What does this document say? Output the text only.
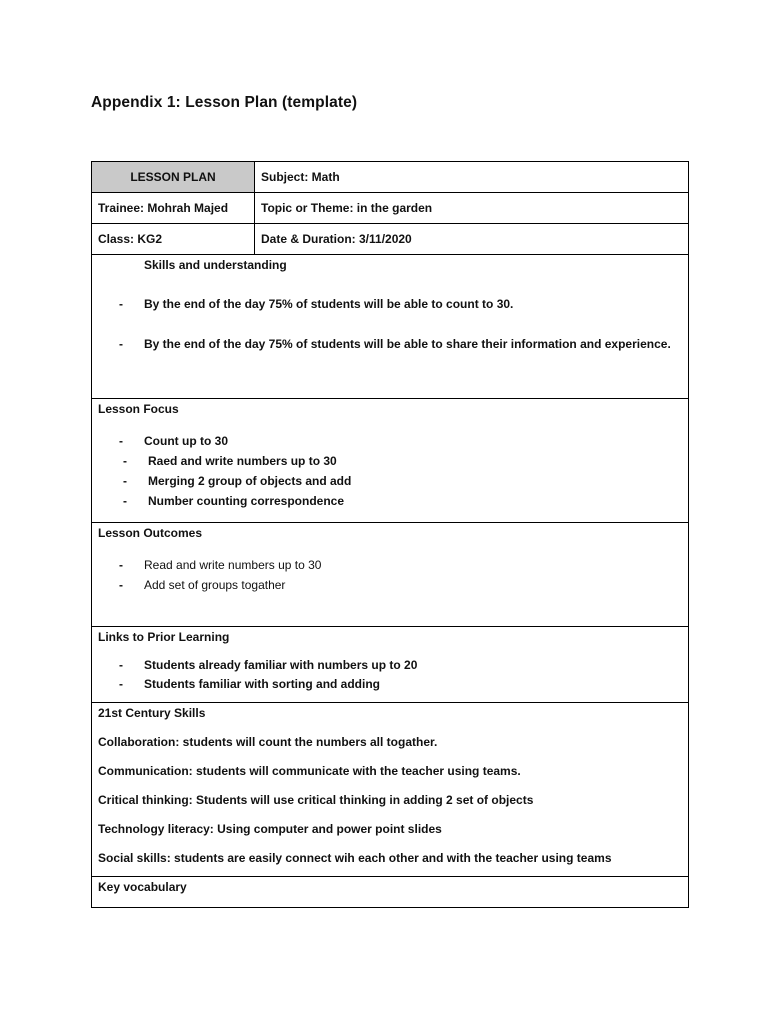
Appendix 1: Lesson Plan (template)
LESSON PLAN	Subject: Math
Trainee: Mohrah Majed	Topic or Theme: in the garden
Class: KG2	Date & Duration: 3/11/2020
Skills and understanding
-	By the end of the day 75% of students will be able to count to 30.
-	By the end of the day 75% of students will be able to share their information and experience.
Lesson Focus
-	Count up to 30
-	Raed and write numbers up to 30
-	Merging 2 group of objects and add
-	Number counting correspondence
Lesson Outcomes
-	Read and write numbers up to 30
-	Add set of groups togather
Links to Prior Learning
-	Students already familiar with numbers up to 20
-	Students familiar with sorting and adding
21st Century Skills
Collaboration: students will count the numbers all togather.
Communication: students will communicate with the teacher using teams.
Critical thinking: Students will use critical thinking in adding 2 set of objects
Technology literacy: Using computer and power point slides
Social skills: students are easily connect wih each other and with the teacher using teams
Key vocabulary
